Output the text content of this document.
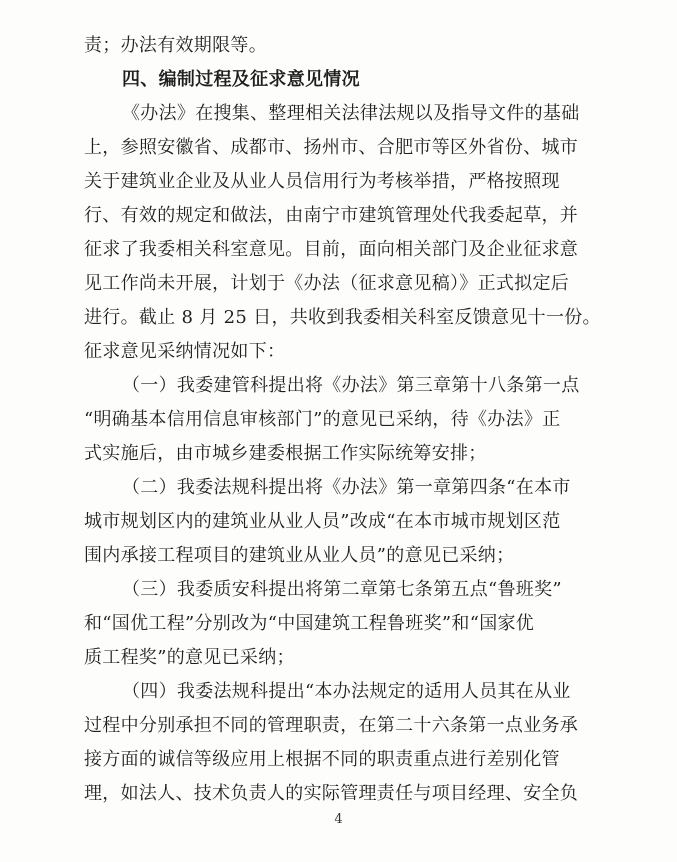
责；办法有效期限等。
四、编制过程及征求意见情况
《办法》在搜集、整理相关法律法规以及指导文件的基础
上，参照安徽省、成都市、扬州市、合肥市等区外省份、城市
关于建筑业企业及从业人员信用行为考核举措，严格按照现
行、有效的规定和做法，由南宁市建筑管理处代我委起草，并
征求了我委相关科室意见。目前，面向相关部门及企业征求意
见工作尚未开展，计划于《办法（征求意见稿）》正式拟定后
进行。截止 8 月 25 日，共收到我委相关科室反馈意见十一份。
征求意见采纳情况如下：
（一）我委建管科提出将《办法》第三章第十八条第一点
“明确基本信用信息审核部门”的意见已采纳，待《办法》正
式实施后，由市城乡建委根据工作实际统筹安排；
（二）我委法规科提出将《办法》第一章第四条“在本市
城市规划区内的建筑业从业人员”改成“在本市城市规划区范
围内承接工程项目的建筑业从业人员”的意见已采纳；
（三）我委质安科提出将第二章第七条第五点“鲁班奖”
和“国优工程”分别改为“中国建筑工程鲁班奖”和“国家优
质工程奖”的意见已采纳；
（四）我委法规科提出“本办法规定的适用人员其在从业
过程中分别承担不同的管理职责，在第二十六条第一点业务承
接方面的诚信等级应用上根据不同的职责重点进行差别化管
理，如法人、技术负责人的实际管理责任与项目经理、安全负
4
